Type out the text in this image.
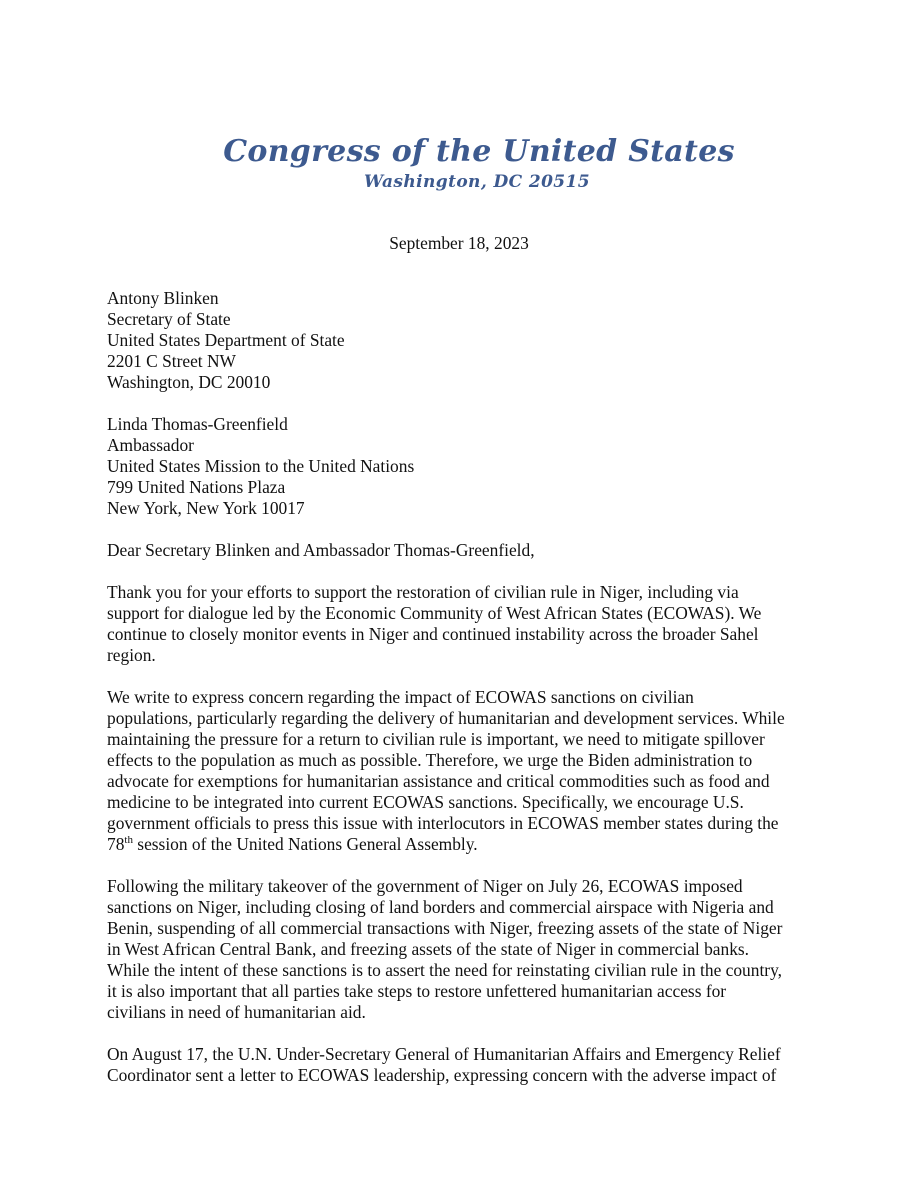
Congress of the United States
Washington, DC 20515
September 18, 2023
Antony Blinken
Secretary of State
United States Department of State
2201 C Street NW
Washington, DC 20010
Linda Thomas-Greenfield
Ambassador
United States Mission to the United Nations
799 United Nations Plaza
New York, New York 10017
Dear Secretary Blinken and Ambassador Thomas-Greenfield,
Thank you for your efforts to support the restoration of civilian rule in Niger, including via
support for dialogue led by the Economic Community of West African States (ECOWAS). We
continue to closely monitor events in Niger and continued instability across the broader Sahel
region.
We write to express concern regarding the impact of ECOWAS sanctions on civilian
populations, particularly regarding the delivery of humanitarian and development services. While
maintaining the pressure for a return to civilian rule is important, we need to mitigate spillover
effects to the population as much as possible. Therefore, we urge the Biden administration to
advocate for exemptions for humanitarian assistance and critical commodities such as food and
medicine to be integrated into current ECOWAS sanctions. Specifically, we encourage U.S.
government officials to press this issue with interlocutors in ECOWAS member states during the
78th session of the United Nations General Assembly.
Following the military takeover of the government of Niger on July 26, ECOWAS imposed
sanctions on Niger, including closing of land borders and commercial airspace with Nigeria and
Benin, suspending of all commercial transactions with Niger, freezing assets of the state of Niger
in West African Central Bank, and freezing assets of the state of Niger in commercial banks.
While the intent of these sanctions is to assert the need for reinstating civilian rule in the country,
it is also important that all parties take steps to restore unfettered humanitarian access for
civilians in need of humanitarian aid.
On August 17, the U.N. Under-Secretary General of Humanitarian Affairs and Emergency Relief
Coordinator sent a letter to ECOWAS leadership, expressing concern with the adverse impact of
